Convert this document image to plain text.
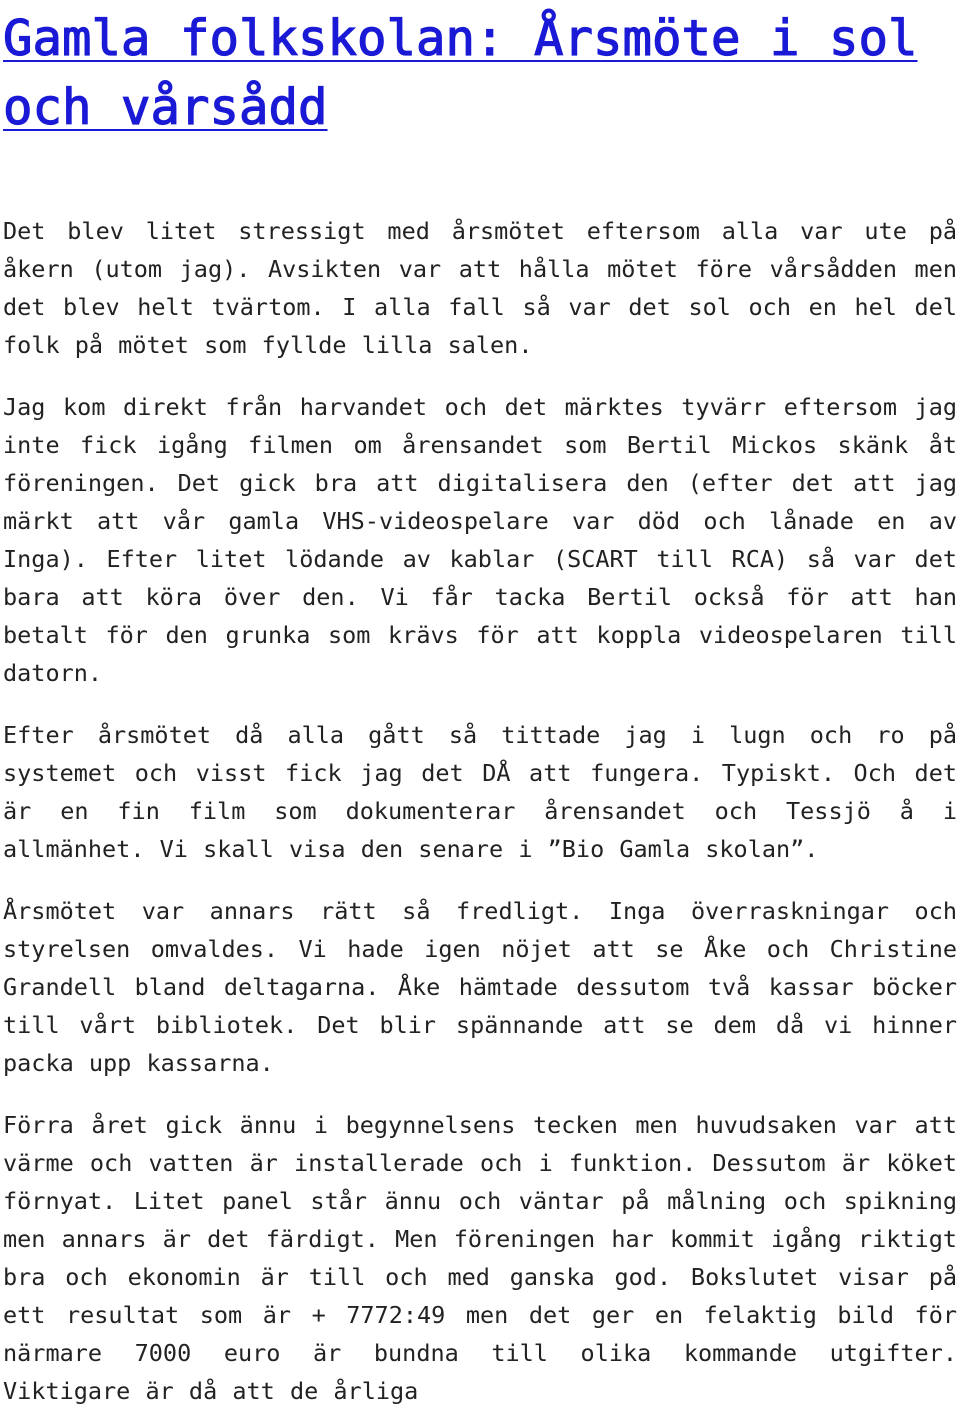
Gamla folkskolan: Årsmöte i sol och vårsådd

Det blev litet stressigt med årsmötet eftersom alla var ute på åkern (utom jag). Avsikten var att hålla mötet före vårsådden men det blev helt tvärtom. I alla fall så var det sol och en hel del folk på mötet som fyllde lilla salen.

Jag kom direkt från harvandet och det märktes tyvärr eftersom jag inte fick igång filmen om årensandet som Bertil Mickos skänk åt föreningen. Det gick bra att digitalisera den (efter det att jag märkt att vår gamla VHS-videospelare var död och lånade en av Inga). Efter litet lödande av kablar (SCART till RCA) så var det bara att köra över den. Vi får tacka Bertil också för att han betalt för den grunka som krävs för att koppla videospelaren till datorn.

Efter årsmötet då alla gått så tittade jag i lugn och ro på systemet och visst fick jag det DÅ att fungera. Typiskt. Och det är en fin film som dokumenterar årensandet och Tessjö å i allmänhet. Vi skall visa den senare i ”Bio Gamla skolan”.

Årsmötet var annars rätt så fredligt. Inga överraskningar och styrelsen omvaldes. Vi hade igen nöjet att se Åke och Christine Grandell bland deltagarna. Åke hämtade dessutom två kassar böcker till vårt bibliotek. Det blir spännande att se dem då vi hinner packa upp kassarna.

Förra året gick ännu i begynnelsens tecken men huvudsaken var att värme och vatten är installerade och i funktion. Dessutom är köket förnyat. Litet panel står ännu och väntar på målning och spikning men annars är det färdigt. Men föreningen har kommit igång riktigt bra och ekonomin är till och med ganska god. Bokslutet visar på ett resultat som är + 7772:49 men det ger en felaktig bild för närmare 7000 euro är bundna till olika kommande utgifter. Viktigare är då att de årliga
